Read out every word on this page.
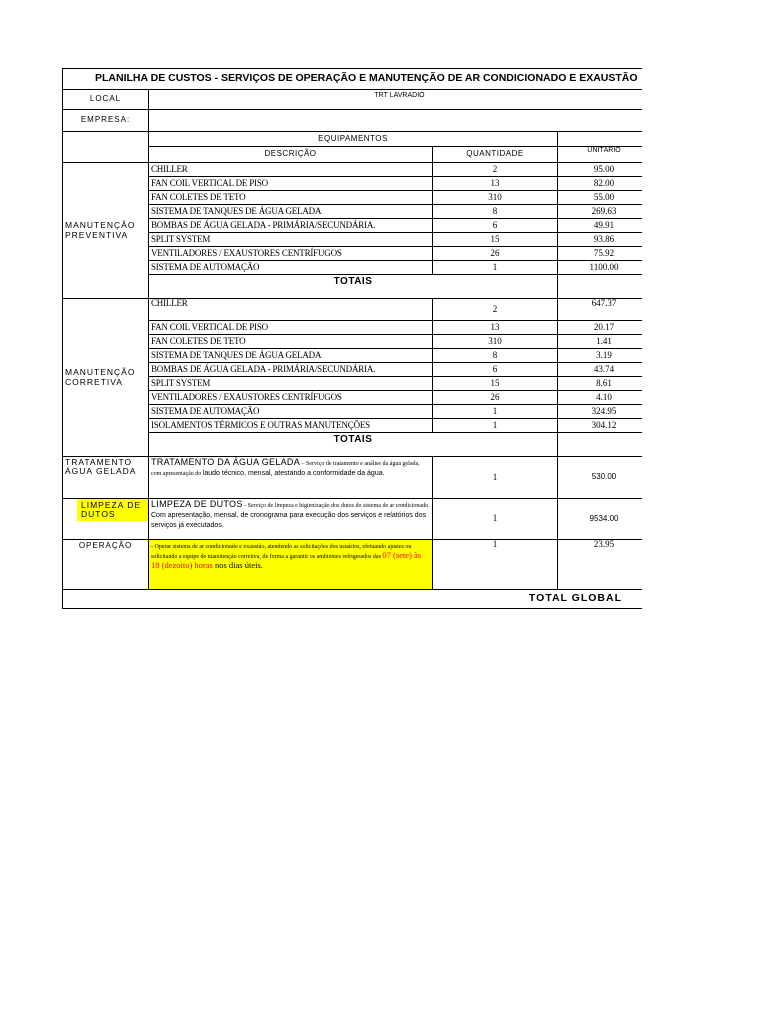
PLANILHA DE CUSTOS - SERVIÇOS DE OPERAÇÃO E MANUTENÇÃO DE AR CONDICIONADO E EXAUSTÃO				
LOCAL	TRT LAVRADIO			
EMPRESA:				
	EQUIPAMENTOS			
	DESCRIÇÃO	QUANTIDADE	UNITÁRIO	
MANUTENÇÃO PREVENTIVA	CHILLER	2	95.00	
	FAN COIL VERTICAL DE PISO	13	82.00	
	FAN COLETES DE TETO	310	55.00	
	SISTEMA DE TANQUES DE ÁGUA GELADA	8	269.63	
	BOMBAS DE ÁGUA GELADA - PRIMÁRIA/SECUNDÁRIA.	6	49.91	
	SPLIT SYSTEM	15	93.86	
	VENTILADORES / EXAUSTORES CENTRÍFUGOS	26	75.92	
	SISTEMA DE AUTOMAÇÃO	1	1100.00	
	TOTAIS			
MANUTENÇÃO CORRETIVA	CHILLER	2	647.37	
	FAN COIL VERTICAL DE PISO	13	20.17	
	FAN COLETES DE TETO	310	1.41	
	SISTEMA DE TANQUES DE ÁGUA GELADA	8	3.19	
	BOMBAS DE ÁGUA GELADA - PRIMÁRIA/SECUNDÁRIA.	6	43.74	
	SPLIT SYSTEM	15	8.61	
	VENTILADORES / EXAUSTORES CENTRÍFUGOS	26	4.10	
	SISTEMA DE AUTOMAÇÃO	1	324.95	
	ISOLAMENTOS TÉRMICOS E OUTRAS MANUTENÇÕES	1	304.12	
	TOTAIS			
TRATAMENTO ÁGUA GELADA	TRATAMENTO DA ÁGUA GELADA – Serviço de tratamento e análise da água gelada, com apresentação do laudo técnico, mensal, atestando a conformidade da água.	1	530.00	

LIMPEZA DE DUTOS	LIMPEZA DE DUTOS - Serviço de limpeza e higienização dos dutos do sistema de ar condicionado. Com apresentação, mensal, de cronograma para execução dos serviços e relatórios dos serviços já executados.	1	9534.00	
OPERAÇÃO	- Operar sistema de ar condicionado e exaustão, atendendo as solicitações dos usuários, efetuando ajustes ou solicitando a equipe de manutenção corretiva, de forma a garantir os ambientes refrigerados das 07 (sete) às 18 (dezoito) horas nos dias úteis.	1	23.95	
TOTAL GLOBAL				
